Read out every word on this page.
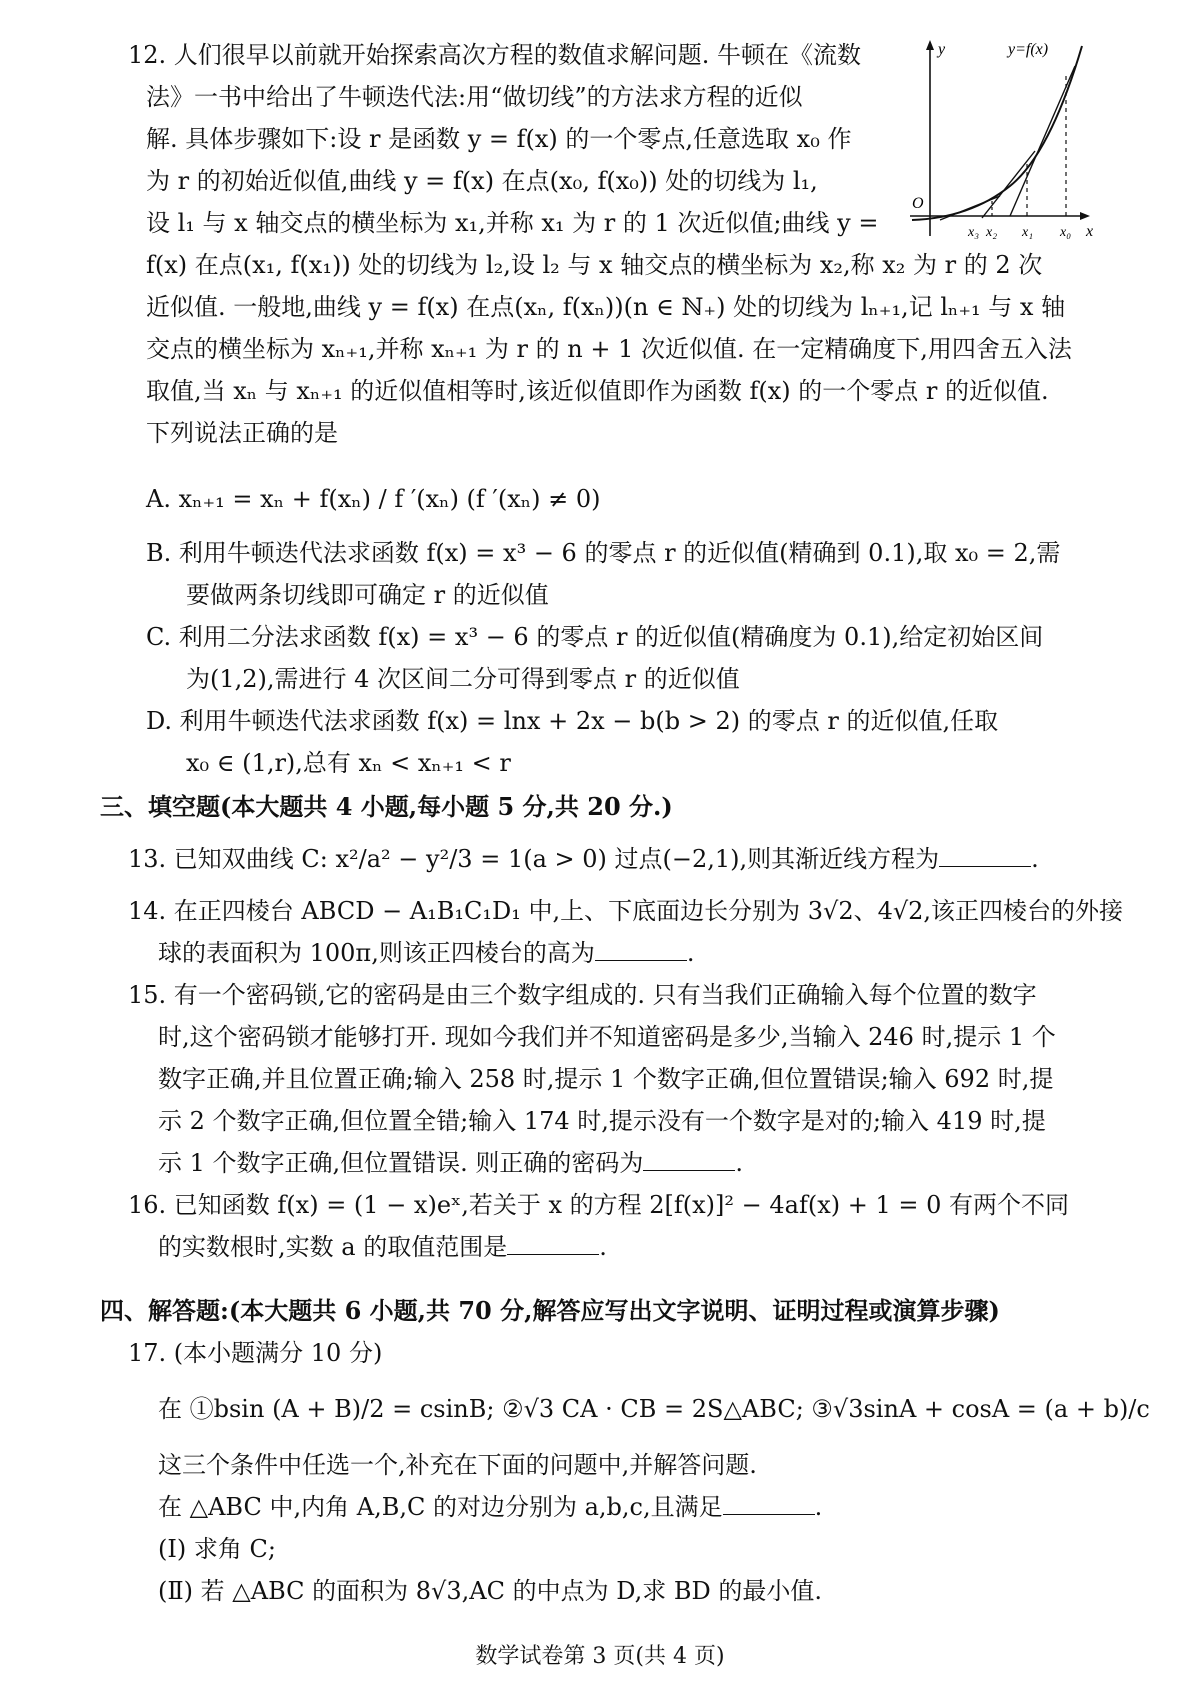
12. 人们很早以前就开始探索高次方程的数值求解问题. 牛顿在《流数
法》一书中给出了牛顿迭代法:用“做切线”的方法求方程的近似
解. 具体步骤如下:设 r 是函数 y = f(x) 的一个零点,任意选取 x₀ 作
为 r 的初始近似值,曲线 y = f(x) 在点(x₀, f(x₀)) 处的切线为 l₁,
设 l₁ 与 x 轴交点的横坐标为 x₁,并称 x₁ 为 r 的 1 次近似值;曲线 y =
f(x) 在点(x₁, f(x₁)) 处的切线为 l₂,设 l₂ 与 x 轴交点的横坐标为 x₂,称 x₂ 为 r 的 2 次
近似值. 一般地,曲线 y = f(x) 在点(xₙ, f(xₙ))(n ∈ ℕ₊) 处的切线为 lₙ₊₁,记 lₙ₊₁ 与 x 轴
交点的横坐标为 xₙ₊₁,并称 xₙ₊₁ 为 r 的 n + 1 次近似值. 在一定精确度下,用四舍五入法
取值,当 xₙ 与 xₙ₊₁ 的近似值相等时,该近似值即作为函数 f(x) 的一个零点 r 的近似值.
下列说法正确的是
y	y=f(x)
O
x
x₃ x₂ x₁ x₀
A. xₙ₊₁ = xₙ + f(xₙ) / f ′(xₙ) (f ′(xₙ) ≠ 0)
B. 利用牛顿迭代法求函数 f(x) = x³ − 6 的零点 r 的近似值(精确到 0.1),取 x₀ = 2,需
要做两条切线即可确定 r 的近似值
C. 利用二分法求函数 f(x) = x³ − 6 的零点 r 的近似值(精确度为 0.1),给定初始区间
为(1,2),需进行 4 次区间二分可得到零点 r 的近似值
D. 利用牛顿迭代法求函数 f(x) = lnx + 2x − b(b > 2) 的零点 r 的近似值,任取
x₀ ∈ (1,r),总有 xₙ < xₙ₊₁ < r
三、填空题(本大题共 4 小题,每小题 5 分,共 20 分.)
13. 已知双曲线 C: x²/a² − y²/3 = 1(a > 0) 过点(−2,1),则其渐近线方程为	.
14. 在正四棱台 ABCD − A₁B₁C₁D₁ 中,上、下底面边长分别为 3√2、4√2,该正四棱台的外接
球的表面积为 100π,则该正四棱台的高为	.
15. 有一个密码锁,它的密码是由三个数字组成的. 只有当我们正确输入每个位置的数字
时,这个密码锁才能够打开. 现如今我们并不知道密码是多少,当输入 246 时,提示 1 个
数字正确,并且位置正确;输入 258 时,提示 1 个数字正确,但位置错误;输入 692 时,提
示 2 个数字正确,但位置全错;输入 174 时,提示没有一个数字是对的;输入 419 时,提
示 1 个数字正确,但位置错误. 则正确的密码为	.
16. 已知函数 f(x) = (1 − x)eˣ,若关于 x 的方程 2[f(x)]² − 4af(x) + 1 = 0 有两个不同
的实数根时,实数 a 的取值范围是	.
四、解答题:(本大题共 6 小题,共 70 分,解答应写出文字说明、证明过程或演算步骤)
17. (本小题满分 10 分)
在 ①bsin (A + B)/2 = csinB; ②√3 CA · CB = 2S△ABC; ③√3sinA + cosA = (a + b)/c
这三个条件中任选一个,补充在下面的问题中,并解答问题.
在 △ABC 中,内角 A,B,C 的对边分别为 a,b,c,且满足	.
(Ⅰ) 求角 C;
(Ⅱ) 若 △ABC 的面积为 8√3,AC 的中点为 D,求 BD 的最小值.
数学试卷第 3 页(共 4 页)
